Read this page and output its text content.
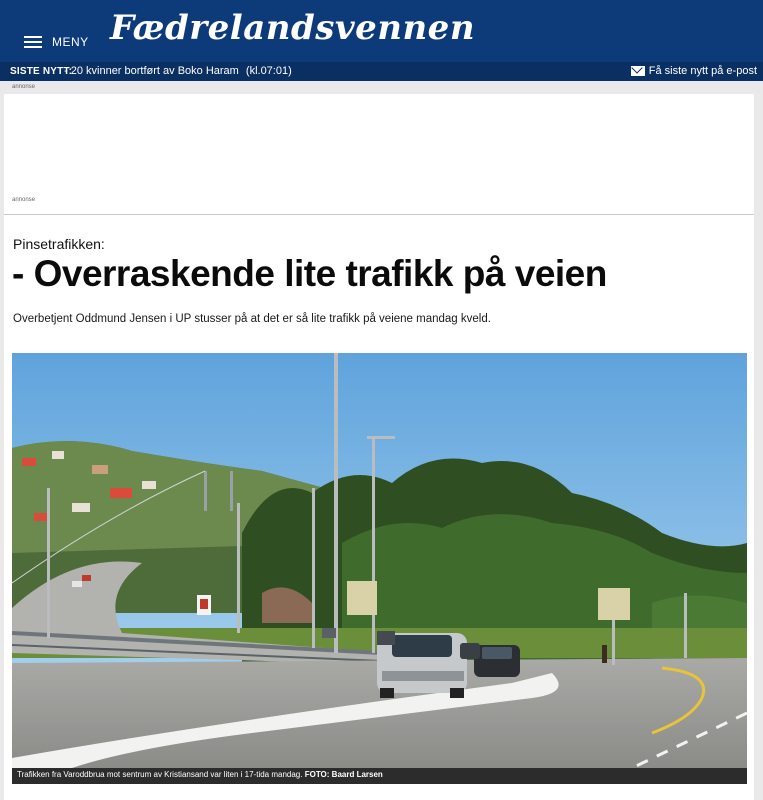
MENY Fædrelandsvennen
SISTE NYTT:
- 20 kvinner bortført av Boko Haram (kl.07:01)	Få siste nytt på e-post
annonse
annonse
Pinsetrafikken:
- Overraskende lite trafikk på veien

Overbetjent Oddmund Jensen i UP stusser på at det er så lite trafikk på veiene mandag kveld.

Trafikken fra Varoddbrua mot sentrum av Kristiansand var liten i 17-tida mandag. FOTO: Baard Larsen
